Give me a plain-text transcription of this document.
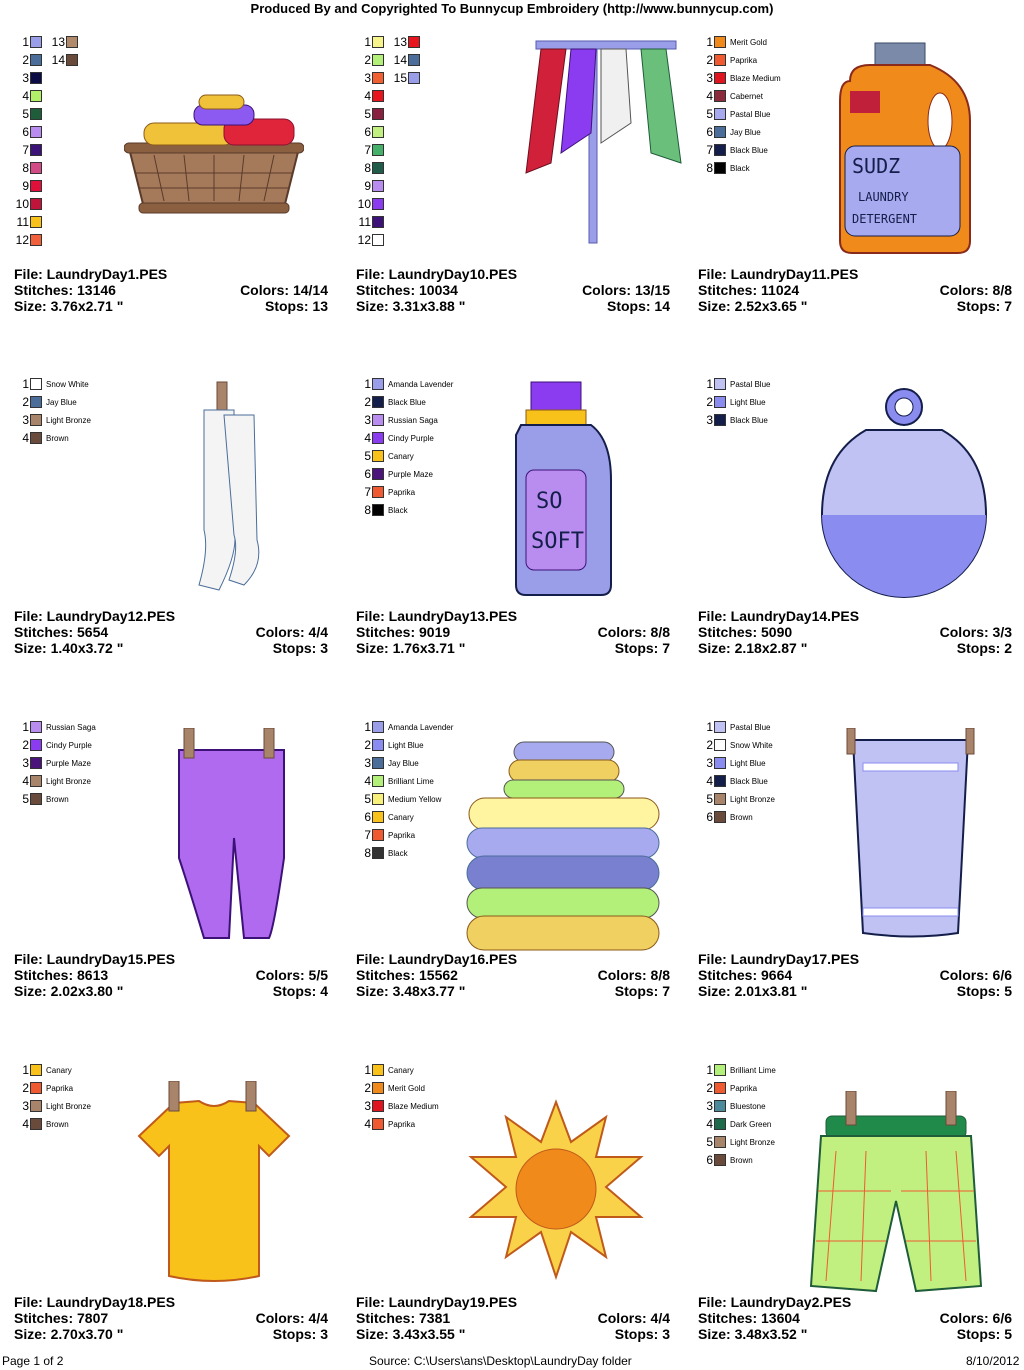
Produced By and Copyrighted To Bunnycup Embroidery (http://www.bunnycup.com)
1
2
3
4
5
6
7
8
9
10
11
12
13
14
File: LaundryDay1.PES
Stitches: 13146	Colors: 14/14
Size: 3.76x2.71 "	Stops: 13
1
2
3
4
5
6
7
8
9
10
11
12
13
14
15
File: LaundryDay10.PES
Stitches: 10034	Colors: 13/15
Size: 3.31x3.88 "	Stops: 14
1 Merit Gold
2 Paprika
3 Blaze Medium
4 Cabernet
5 Pastal Blue
6 Jay Blue
7 Black Blue
8 Black	SUDZ
LAUNDRY
DETERGENT
File: LaundryDay11.PES
Stitches: 11024	Colors: 8/8
Size: 2.52x3.65 "	Stops: 7
1 Snow White
2 Jay Blue
3 Light Bronze
4 Brown
File: LaundryDay12.PES
Stitches: 5654	Colors: 4/4
Size: 1.40x3.72 "	Stops: 3
1 Amanda Lavender
2 Black Blue
3 Russian Saga
4 Cindy Purple
5 Canary
6 Purple Maze
7 Paprika
8 Black	SO
SOFT
File: LaundryDay13.PES
Stitches: 9019	Colors: 8/8
Size: 1.76x3.71 "	Stops: 7
1 Pastal Blue
2 Light Blue
3 Black Blue
File: LaundryDay14.PES
Stitches: 5090	Colors: 3/3
Size: 2.18x2.87 "	Stops: 2
1 Russian Saga
2 Cindy Purple
3 Purple Maze
4 Light Bronze
5 Brown
File: LaundryDay15.PES
Stitches: 8613	Colors: 5/5
Size: 2.02x3.80 "	Stops: 4
1 Amanda Lavender
2 Light Blue
3 Jay Blue
4 Brilliant Lime
5 Medium Yellow
6 Canary
7 Paprika
8 Black
File: LaundryDay16.PES
Stitches: 15562	Colors: 8/8
Size: 3.48x3.77 "	Stops: 7
1 Pastal Blue
2 Snow White
3 Light Blue
4 Black Blue
5 Light Bronze
6 Brown
File: LaundryDay17.PES
Stitches: 9664	Colors: 6/6
Size: 2.01x3.81 "	Stops: 5
1 Canary
2 Paprika
3 Light Bronze
4 Brown
File: LaundryDay18.PES
Stitches: 7807	Colors: 4/4
Size: 2.70x3.70 "	Stops: 3
1 Canary
2 Merit Gold
3 Blaze Medium
4 Paprika
File: LaundryDay19.PES
Stitches: 7381	Colors: 4/4
Size: 3.43x3.55 "	Stops: 3
1 Brilliant Lime
2 Paprika
3 Bluestone
4 Dark Green
5 Light Bronze
6 Brown
File: LaundryDay2.PES
Stitches: 13604	Colors: 6/6
Size: 3.48x3.52 "	Stops: 5
Page 1 of 2	Source: C:\Users\ans\Desktop\LaundryDay folder	8/10/2012
